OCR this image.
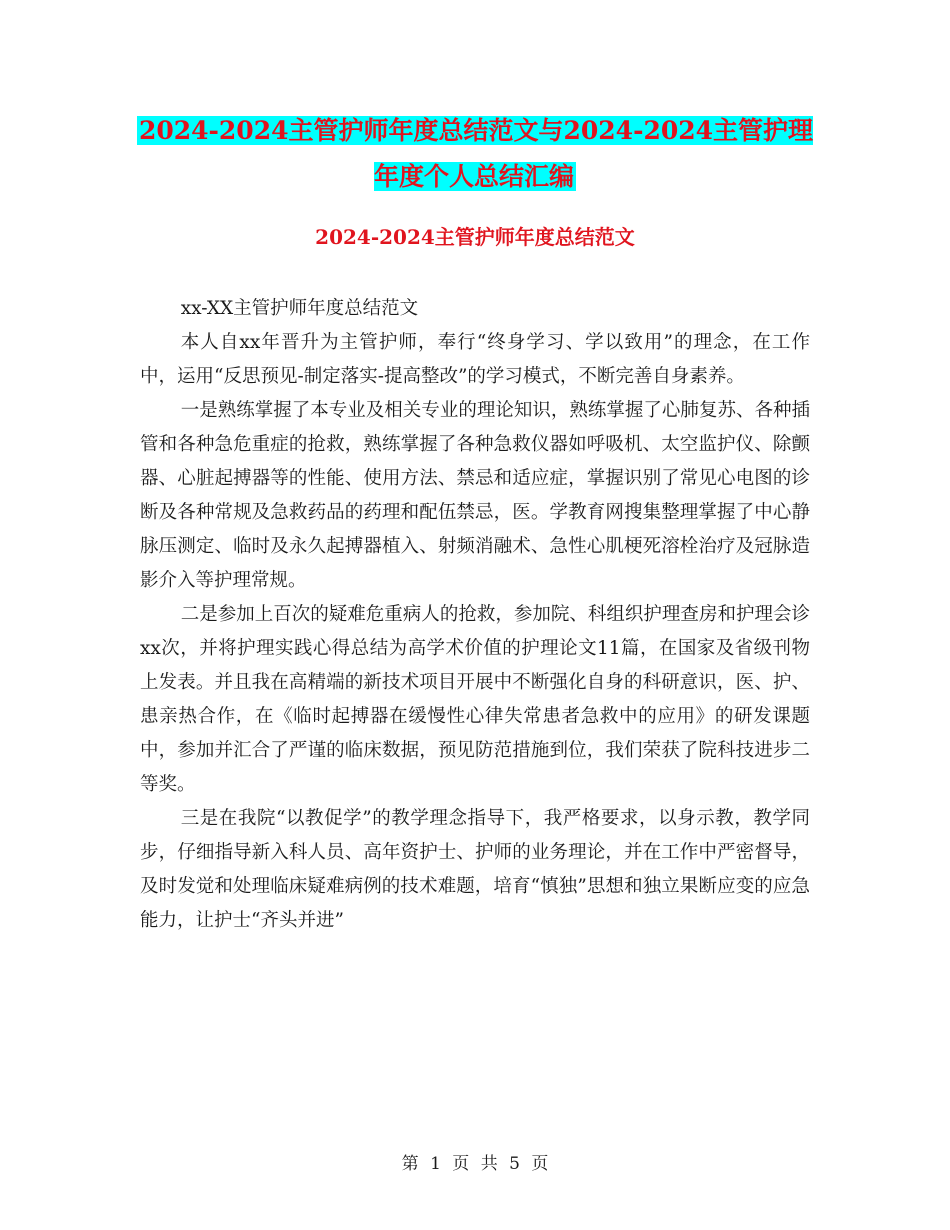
2024-2024主管护师年度总结范文与2024-2024主管护理年度个人总结汇编
2024-2024主管护师年度总结范文

xx-XX主管护师年度总结范文

本人自xx年晋升为主管护师，奉行“终身学习、学以致用”的理念，在工作中，运用“反思预见-制定落实-提高整改”的学习模式，不断完善自身素养。

一是熟练掌握了本专业及相关专业的理论知识，熟练掌握了心肺复苏、各种插管和各种急危重症的抢救，熟练掌握了各种急救仪器如呼吸机、太空监护仪、除颤器、心脏起搏器等的性能、使用方法、禁忌和适应症，掌握识别了常见心电图的诊断及各种常规及急救药品的药理和配伍禁忌，医。学教育网搜集整理掌握了中心静脉压测定、临时及永久起搏器植入、射频消融术、急性心肌梗死溶栓治疗及冠脉造影介入等护理常规。

二是参加上百次的疑难危重病人的抢救，参加院、科组织护理查房和护理会诊xx次，并将护理实践心得总结为高学术价值的护理论文11篇，在国家及省级刊物上发表。并且我在高精端的新技术项目开展中不断强化自身的科研意识，医、护、患亲热合作，在《临时起搏器在缓慢性心律失常患者急救中的应用》的研发课题中，参加并汇合了严谨的临床数据，预见防范措施到位，我们荣获了院科技进步二等奖。

三是在我院“以教促学”的教学理念指导下，我严格要求，以身示教，教学同步，仔细指导新入科人员、高年资护士、护师的业务理论，并在工作中严密督导，及时发觉和处理临床疑难病例的技术难题，培育“慎独”思想和独立果断应变的应急能力，让护士“齐头并进”

第 1 页 共 5 页
